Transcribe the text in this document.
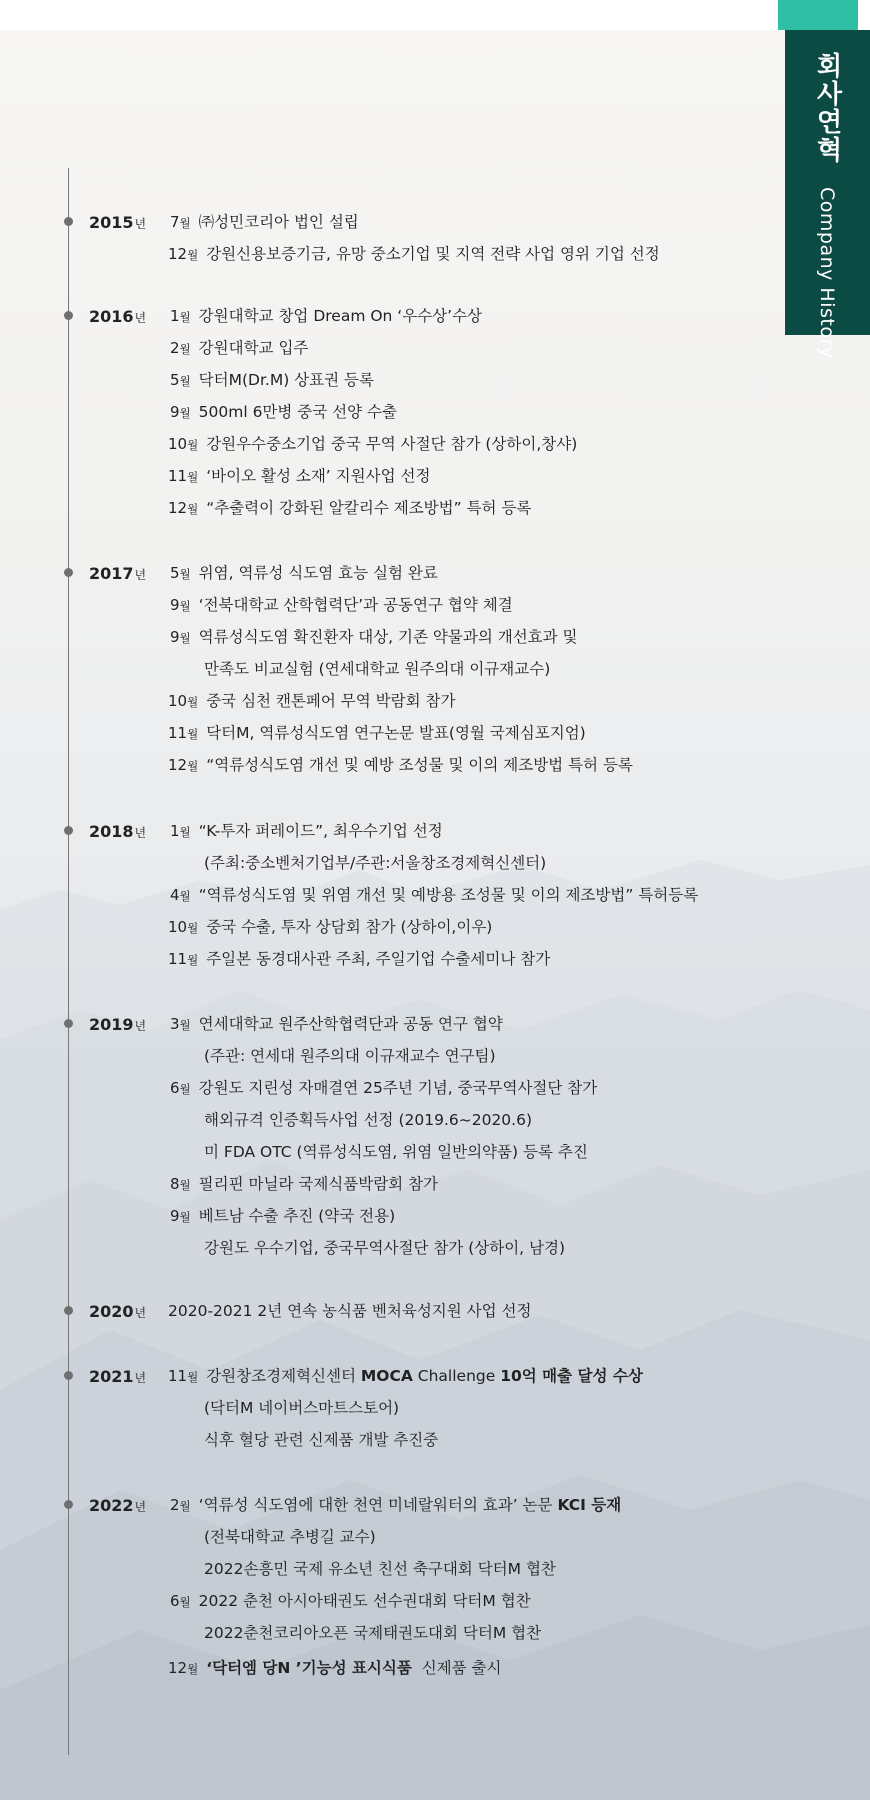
회사연혁 Company History
2015년 7월 ㈜성민코리아 법인 설립
12월 강원신용보증기금, 유망 중소기업 및 지역 전략 사업 영위 기업 선정
2016년 1월 강원대학교 창업 Dream On ‘우수상’수상
2월 강원대학교 입주
5월 닥터M(Dr.M) 상표권 등록
9월 500ml 6만병 중국 선양 수출
10월 강원우수중소기업 중국 무역 사절단 참가 (상하이,창샤)
11월 ‘바이오 활성 소재’ 지원사업 선정
12월 “추출력이 강화된 알칼리수 제조방법” 특허 등록
2017년 5월 위염, 역류성 식도염 효능 실험 완료
9월 ‘전북대학교 산학협력단’과 공동연구 협약 체결
9월 역류성식도염 확진환자 대상, 기존 약물과의 개선효과 및
만족도 비교실험 (연세대학교 원주의대 이규재교수)
10월 중국 심천 캔톤페어 무역 박람회 참가
11월 닥터M, 역류성식도염 연구논문 발표(영월 국제심포지엄)
12월 “역류성식도염 개선 및 예방 조성물 및 이의 제조방법 특허 등록
2018년 1월 “K-투자 퍼레이드”, 최우수기업 선정
(주최:중소벤처기업부/주관:서울창조경제혁신센터)
4월 “역류성식도염 및 위염 개선 및 예방용 조성물 및 이의 제조방법” 특허등록
10월 중국 수출, 투자 상담회 참가 (상하이,이우)
11월 주일본 동경대사관 주최, 주일기업 수출세미나 참가
2019년 3월 연세대학교 원주산학협력단과 공동 연구 협약
(주관: 연세대 원주의대 이규재교수 연구팀)
6월 강원도 지린성 자매결연 25주년 기념, 중국무역사절단 참가
해외규격 인증획득사업 선정 (2019.6~2020.6)
미 FDA OTC (역류성식도염, 위염 일반의약품) 등록 추진
8월 필리핀 마닐라 국제식품박람회 참가
9월 베트남 수출 추진 (약국 전용)
강원도 우수기업, 중국무역사절단 참가 (상하이, 남경)
2020년 2020-2021 2년 연속 농식품 벤처육성지원 사업 선정
2021년 11월 강원창조경제혁신센터 MOCA Challenge 10억 매출 달성 수상
(닥터M 네이버스마트스토어)
식후 혈당 관련 신제품 개발 추진중
2022년 2월 ‘역류성 식도염에 대한 천연 미네랄워터의 효과’ 논문 KCI 등재
(전북대학교 추병길 교수)
2022손흥민 국제 유소년 친선 축구대회 닥터M 협찬
6월 2022 춘천 아시아태권도 선수권대회 닥터M 협찬
2022춘천코리아오픈 국제태권도대회 닥터M 협찬
12월 ‘닥터엠 당N ’기능성 표시식품  신제품 출시
